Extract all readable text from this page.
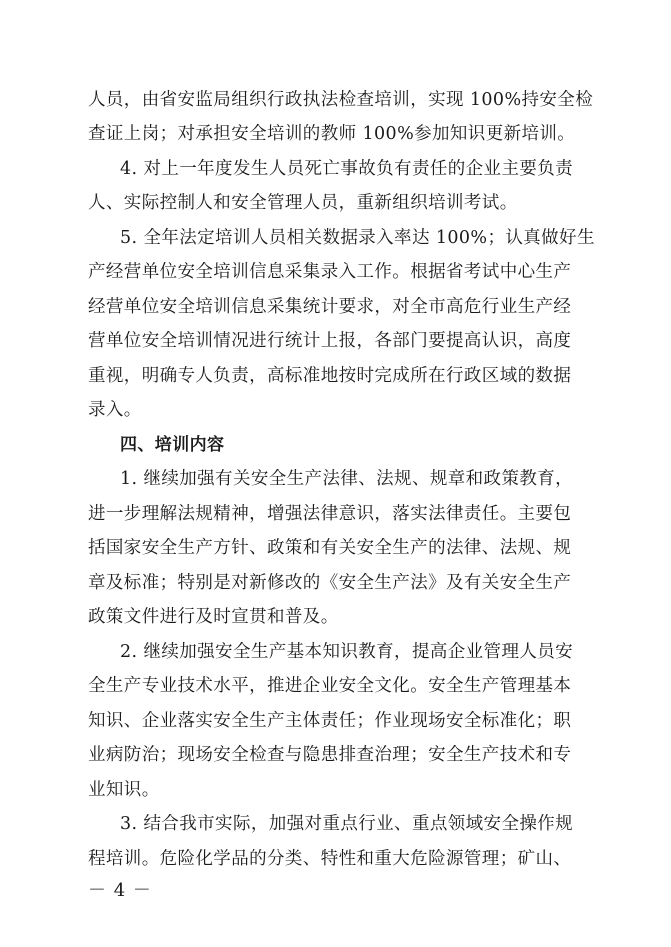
人员，由省安监局组织行政执法检查培训，实现 100%持安全检
查证上岗；对承担安全培训的教师 100%参加知识更新培训。
4. 对上一年度发生人员死亡事故负有责任的企业主要负责
人、实际控制人和安全管理人员，重新组织培训考试。
5. 全年法定培训人员相关数据录入率达 100%；认真做好生
产经营单位安全培训信息采集录入工作。根据省考试中心生产
经营单位安全培训信息采集统计要求，对全市高危行业生产经
营单位安全培训情况进行统计上报，各部门要提高认识，高度
重视，明确专人负责，高标准地按时完成所在行政区域的数据
录入。
四、培训内容
1. 继续加强有关安全生产法律、法规、规章和政策教育，
进一步理解法规精神，增强法律意识，落实法律责任。主要包
括国家安全生产方针、政策和有关安全生产的法律、法规、规
章及标准；特别是对新修改的《安全生产法》及有关安全生产
政策文件进行及时宣贯和普及。
2. 继续加强安全生产基本知识教育，提高企业管理人员安
全生产专业技术水平，推进企业安全文化。安全生产管理基本
知识、企业落实安全生产主体责任；作业现场安全标准化；职
业病防治；现场安全检查与隐患排查治理；安全生产技术和专
业知识。
3. 结合我市实际，加强对重点行业、重点领域安全操作规
程培训。危险化学品的分类、特性和重大危险源管理；矿山、
－ 4 －
